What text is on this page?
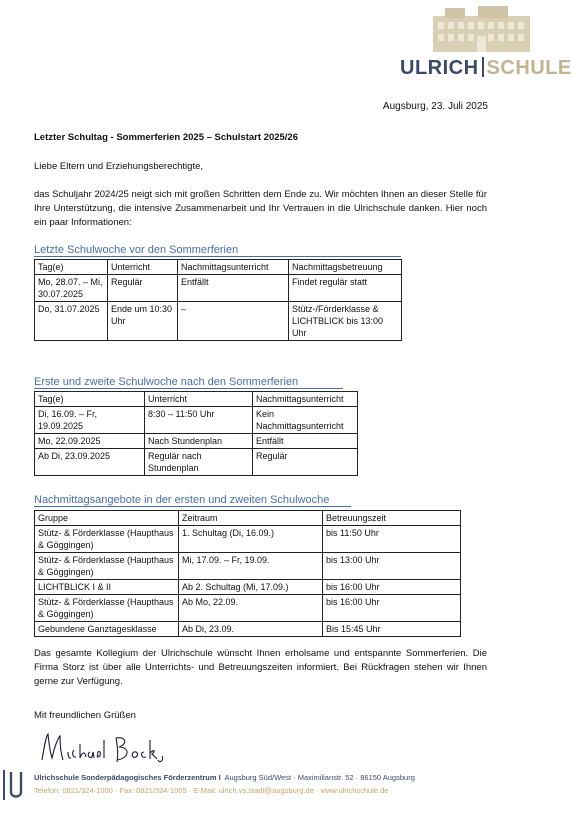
ULRICH SCHULE
Augsburg, 23. Juli 2025
Letzter Schultag - Sommerferien 2025 – Schulstart 2025/26
Liebe Eltern und Erziehungsberechtigte,
das Schuljahr 2024/25 neigt sich mit großen Schritten dem Ende zu. Wir möchten Ihnen an dieser Stelle für Ihre Unterstützung, die intensive Zusammenarbeit und Ihr Vertrauen in die Ulrichschule danken. Hier noch ein paar Informationen:
Letzte Schulwoche vor den Sommerferien
Tag(e)	Unterricht	Nachmittagsunterricht	Nachmittagsbetreuung
Mo, 28.07. – Mi, 30.07.2025	Regulär	Entfällt	Findet regulär statt
Do, 31.07.2025	Ende um 10:30 Uhr	–	Stütz-/Förderklasse & LICHTBLICK bis 13:00 Uhr
Erste und zweite Schulwoche nach den Sommerferien
Tag(e)	Unterricht	Nachmittagsunterricht
Di, 16.09. – Fr, 19.09.2025	8:30 – 11:50 Uhr	Kein Nachmittagsunterricht
Mo, 22.09.2025	Nach Stundenplan	Entfällt
Ab Di, 23.09.2025	Regulär nach Stundenplan	Regulär
Nachmittagsangebote in der ersten und zweiten Schulwoche
Gruppe	Zeitraum	Betreuungszeit
Stütz- & Förderklasse (Haupthaus & Göggingen)	1. Schultag (Di, 16.09.)	bis 11:50 Uhr
Stütz- & Förderklasse (Haupthaus & Göggingen)	Mi, 17.09. – Fr, 19.09.	bis 13:00 Uhr
LICHTBLICK I & II	Ab 2. Schultag (Mi, 17.09.)	bis 16:00 Uhr
Stütz- & Förderklasse (Haupthaus & Göggingen)	Ab Mo, 22.09.	bis 16:00 Uhr
Gebundene Ganztagesklasse	Ab Di, 23.09.	Bis 15:45 Uhr
Das gesamte Kollegium der Ulrichschule wünscht Ihnen erholsame und entspannte Sommerferien. Die Firma Storz ist über alle Unterrichts- und Betreuungszeiten informiert. Bei Rückfragen stehen wir Ihnen gerne zur Verfügung.
Mit freundlichen Grüßen
Ulrichschule Sonderpädagogisches Förderzentrum I Augsburg Süd/West · Maximilianstr. 52 · 86150 Augsburg
Telefon: 0821/324-1000 · Fax: 0821/324-1005 · E-Mail: ulrich.vs.stadt@augsburg.de · www.ulrichschule.de
